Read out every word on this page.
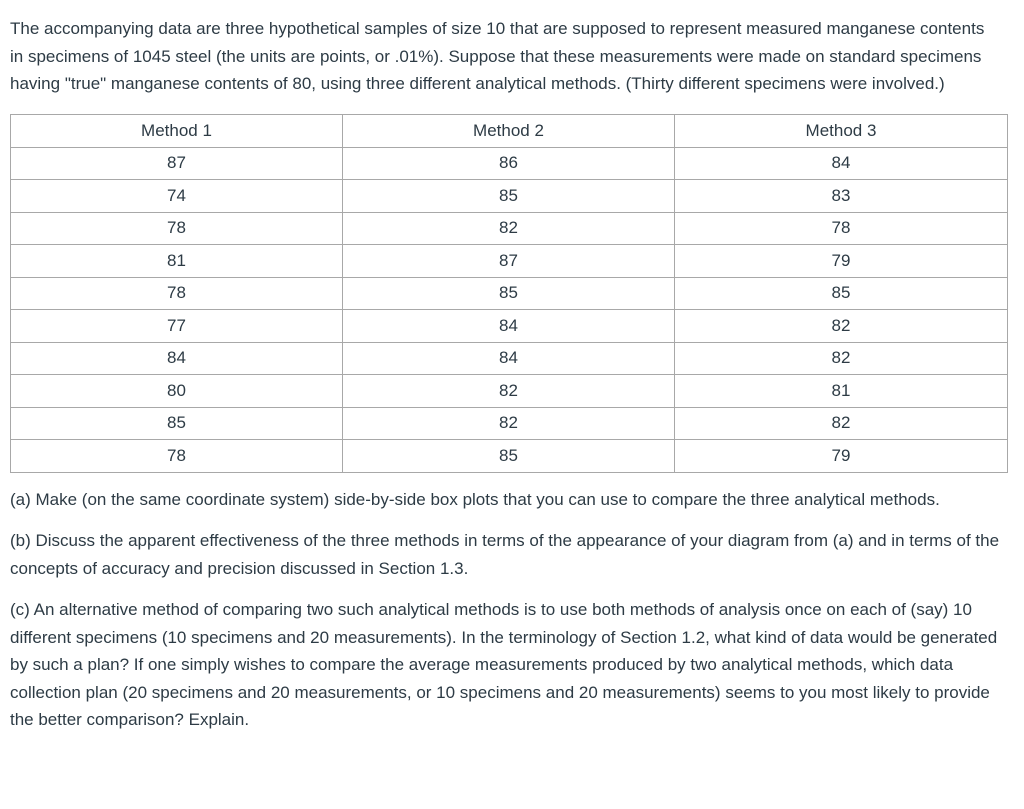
The accompanying data are three hypothetical samples of size 10 that are supposed to represent measured manganese contents in specimens of 1045 steel (the units are points, or .01%). Suppose that these measurements were made on standard specimens having "true" manganese contents of 80, using three different analytical methods. (Thirty different specimens were involved.)

Method 1	Method 2	Method 3
87	86	84
74	85	83
78	82	78
81	87	79
78	85	85
77	84	82
84	84	82
80	82	81
85	82	82
78	85	79

(a) Make (on the same coordinate system) side-by-side box plots that you can use to compare the three analytical methods.

(b) Discuss the apparent effectiveness of the three methods in terms of the appearance of your diagram from (a) and in terms of the concepts of accuracy and precision discussed in Section 1.3.

(c) An alternative method of comparing two such analytical methods is to use both methods of analysis once on each of (say) 10 different specimens (10 specimens and 20 measurements). In the terminology of Section 1.2, what kind of data would be generated by such a plan? If one simply wishes to compare the average measurements produced by two analytical methods, which data collection plan (20 specimens and 20 measurements, or 10 specimens and 20 measurements) seems to you most likely to provide the better comparison? Explain.
